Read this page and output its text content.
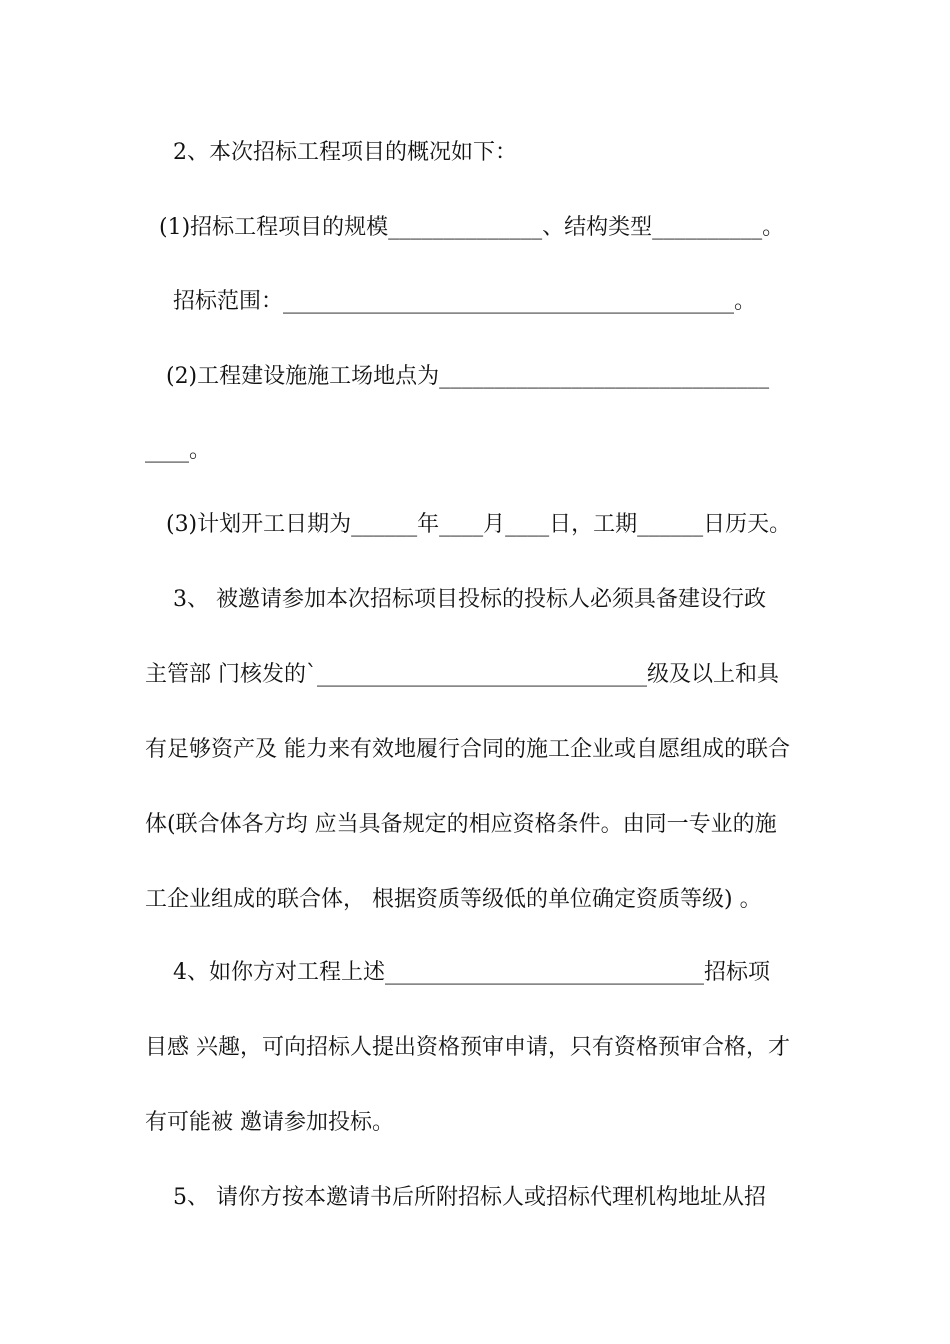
2、本次招标工程项目的概况如下：
(1)招标工程项目的规模______________、结构类型__________。
招标范围：_________________________________________。
(2)工程建设施施工场地点为______________________________
____。
(3)计划开工日期为______年____月____日，工期______日历天。
3、 被邀请参加本次招标项目投标的投标人必须具备建设行政
主管部 门核发的`______________________________级及以上和具
有足够资产及 能力来有效地履行合同的施工企业或自愿组成的联合
体(联合体各方均 应当具备规定的相应资格条件。由同一专业的施
工企业组成的联合体， 根据资质等级低的单位确定资质等级) 。
4、如你方对工程上述_____________________________招标项
目感 兴趣，可向招标人提出资格预审申请，只有资格预审合格，才
有可能被 邀请参加投标。
5、 请你方按本邀请书后所附招标人或招标代理机构地址从招
